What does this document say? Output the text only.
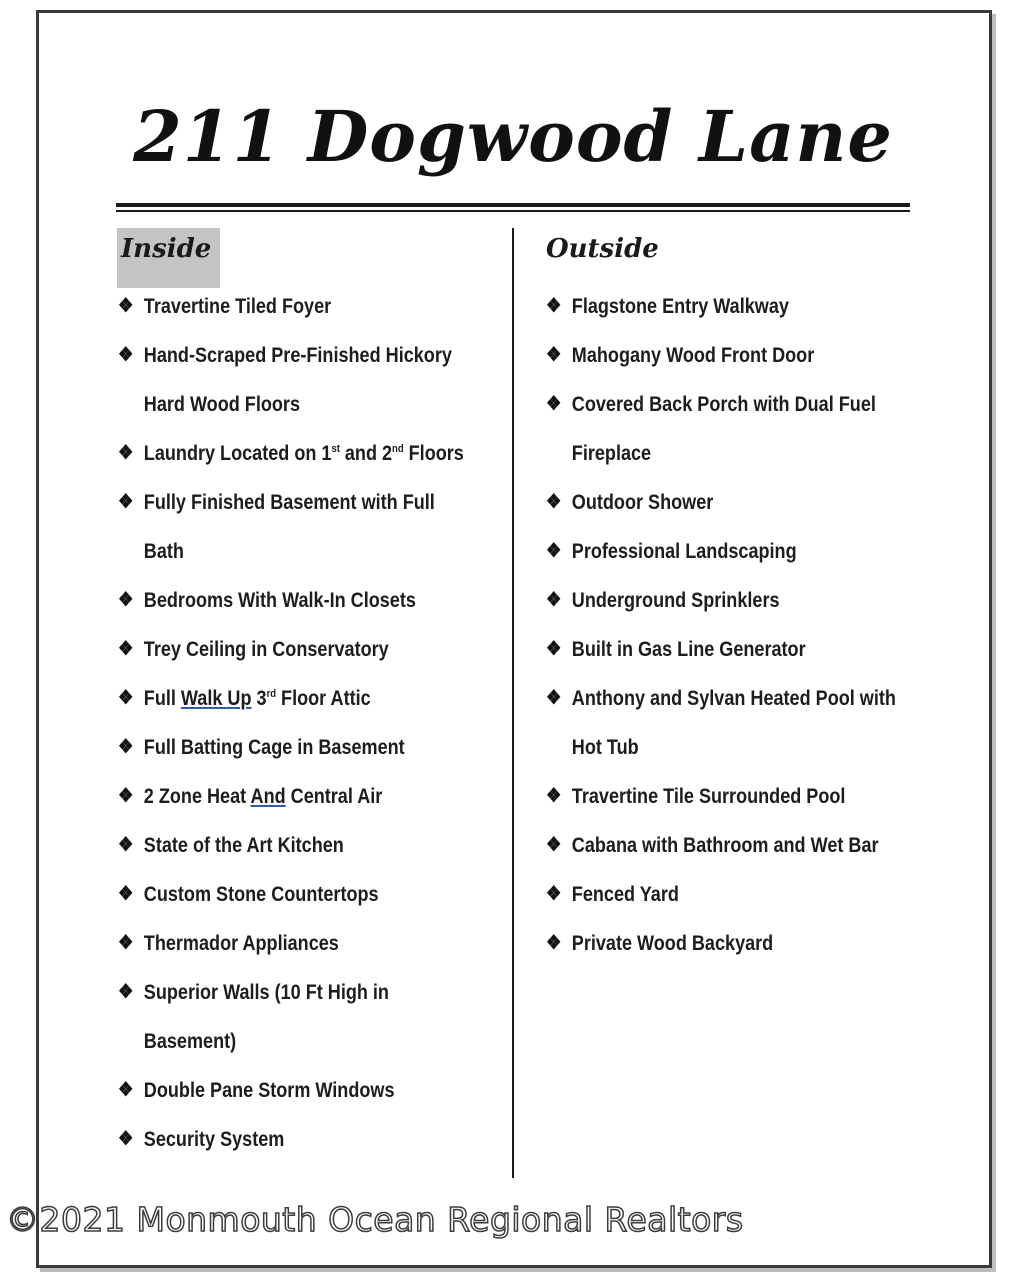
211 Dogwood Lane
Inside	Outside
❖ Travertine Tiled Foyer
❖ Hand-Scraped Pre-Finished Hickory
Hard Wood Floors
❖ Laundry Located on 1st and 2nd Floors
❖ Fully Finished Basement with Full
Bath
❖ Bedrooms With Walk-In Closets
❖ Trey Ceiling in Conservatory
❖ Full Walk Up 3rd Floor Attic
❖ Full Batting Cage in Basement
❖ 2 Zone Heat And Central Air
❖ State of the Art Kitchen
❖ Custom Stone Countertops
❖ Thermador Appliances
❖ Superior Walls (10 Ft High in
Basement)
❖ Double Pane Storm Windows
❖ Security System
❖ Flagstone Entry Walkway
❖ Mahogany Wood Front Door
❖ Covered Back Porch with Dual Fuel
Fireplace
❖ Outdoor Shower
❖ Professional Landscaping
❖ Underground Sprinklers
❖ Built in Gas Line Generator
❖ Anthony and Sylvan Heated Pool with
Hot Tub
❖ Travertine Tile Surrounded Pool
❖ Cabana with Bathroom and Wet Bar
❖ Fenced Yard
❖ Private Wood Backyard
©2021 Monmouth Ocean Regional Realtors
